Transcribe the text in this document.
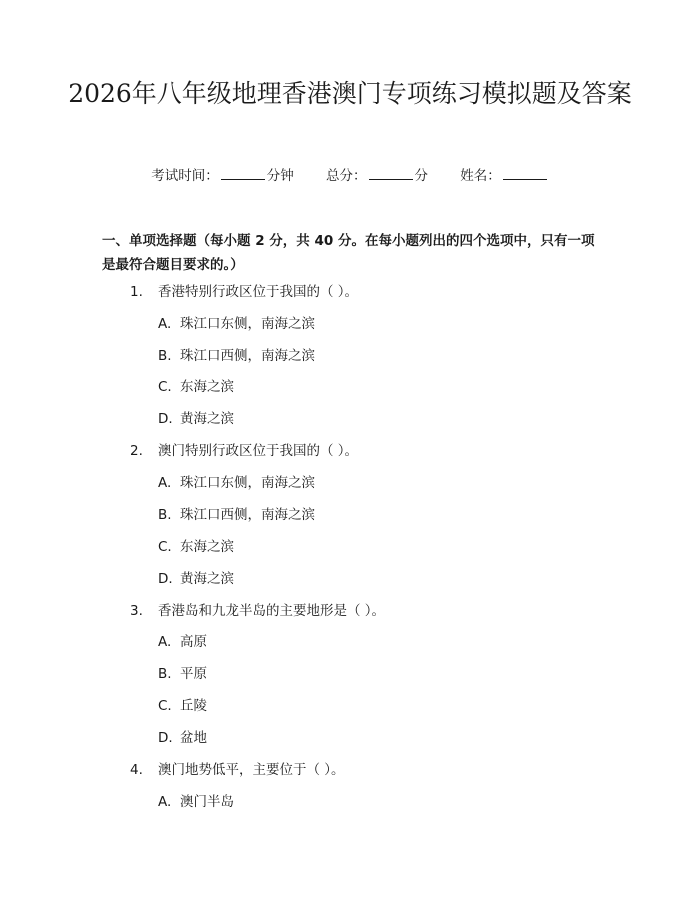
2026年八年级地理香港澳门专项练习模拟题及答案
考试时间：	分钟 总分：	分 姓名：
一、单项选择题（每小题 2 分，共 40 分。在每小题列出的四个选项中，只有一项是最符合题目要求的。）
1. 香港特别行政区位于我国的（ ）。
A. 珠江口东侧，南海之滨
B. 珠江口西侧，南海之滨
C. 东海之滨
D. 黄海之滨
2. 澳门特别行政区位于我国的（ ）。
A. 珠江口东侧，南海之滨
B. 珠江口西侧，南海之滨
C. 东海之滨
D. 黄海之滨
3. 香港岛和九龙半岛的主要地形是（ ）。
A. 高原
B. 平原
C. 丘陵
D. 盆地
4. 澳门地势低平，主要位于（ ）。
A. 澳门半岛
